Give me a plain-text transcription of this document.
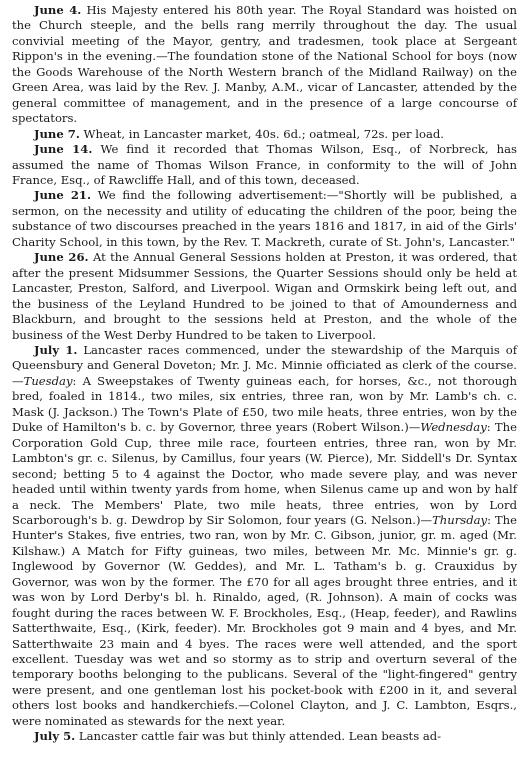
June 4. His Majesty entered his 80th year. The Royal Standard was hoisted on the Church steeple, and the bells rang merrily throughout the day. The usual convivial meeting of the Mayor, gentry, and tradesmen, took place at Sergeant Rippon's in the evening.—The foundation stone of the National School for boys (now the Goods Warehouse of the North Western branch of the Midland Railway) on the Green Area, was laid by the Rev. J. Manby, A.M., vicar of Lancaster, attended by the general committee of management, and in the presence of a large concourse of spectators.

June 7. Wheat, in Lancaster market, 40s. 6d.; oatmeal, 72s. per load.

June 14. We find it recorded that Thomas Wilson, Esq., of Norbreck, has assumed the name of Thomas Wilson France, in conformity to the will of John France, Esq., of Rawcliffe Hall, and of this town, deceased.

June 21. We find the following advertisement:—"Shortly will be published, a sermon, on the necessity and utility of educating the children of the poor, being the substance of two discourses preached in the years 1816 and 1817, in aid of the Girls' Charity School, in this town, by the Rev. T. Mackreth, curate of St. John's, Lancaster."

June 26. At the Annual General Sessions holden at Preston, it was ordered, that after the present Midsummer Sessions, the Quarter Sessions should only be held at Lancaster, Preston, Salford, and Liverpool. Wigan and Ormskirk being left out, and the business of the Leyland Hundred to be joined to that of Amounderness and Blackburn, and brought to the sessions held at Preston, and the whole of the business of the West Derby Hundred to be taken to Liverpool.

July 1. Lancaster races commenced, under the stewardship of the Marquis of Queensbury and General Doveton; Mr. J. Mc. Minnie officiated as clerk of the course.—Tuesday: A Sweepstakes of Twenty guineas each, for horses, &c., not thorough bred, foaled in 1814., two miles, six entries, three ran, won by Mr. Lamb's ch. c. Mask (J. Jackson.) The Town's Plate of £50, two mile heats, three entries, won by the Duke of Hamilton's b. c. by Governor, three years (Robert Wilson.)—Wednesday: The Corporation Gold Cup, three mile race, fourteen entries, three ran, won by Mr. Lambton's gr. c. Silenus, by Camillus, four years (W. Pierce), Mr. Siddell's Dr. Syntax second; betting 5 to 4 against the Doctor, who made severe play, and was never headed until within twenty yards from home, when Silenus came up and won by half a neck. The Members' Plate, two mile heats, three entries, won by Lord Scarborough's b. g. Dewdrop by Sir Solomon, four years (G. Nelson.)—Thursday: The Hunter's Stakes, five entries, two ran, won by Mr. C. Gibson, junior, gr. m. aged (Mr. Kilshaw.) A Match for Fifty guineas, two miles, between Mr. Mc. Minnie's gr. g. Inglewood by Governor (W. Geddes), and Mr. L. Tatham's b. g. Crauxidus by Governor, was won by the former. The £70 for all ages brought three entries, and it was won by Lord Derby's bl. h. Rinaldo, aged, (R. Johnson). A main of cocks was fought during the races between W. F. Brockholes, Esq., (Heap, feeder), and Rawlins Satterthwaite, Esq., (Kirk, feeder). Mr. Brockholes got 9 main and 4 byes, and Mr. Satterthwaite 23 main and 4 byes. The races were well attended, and the sport excellent. Tuesday was wet and so stormy as to strip and overturn several of the temporary booths belonging to the publicans. Several of the "light-fingered" gentry were present, and one gentleman lost his pocket-book with £200 in it, and several others lost books and handkerchiefs.—Colonel Clayton, and J. C. Lambton, Esqrs., were nominated as stewards for the next year.

July 5. Lancaster cattle fair was but thinly attended. Lean beasts ad-
